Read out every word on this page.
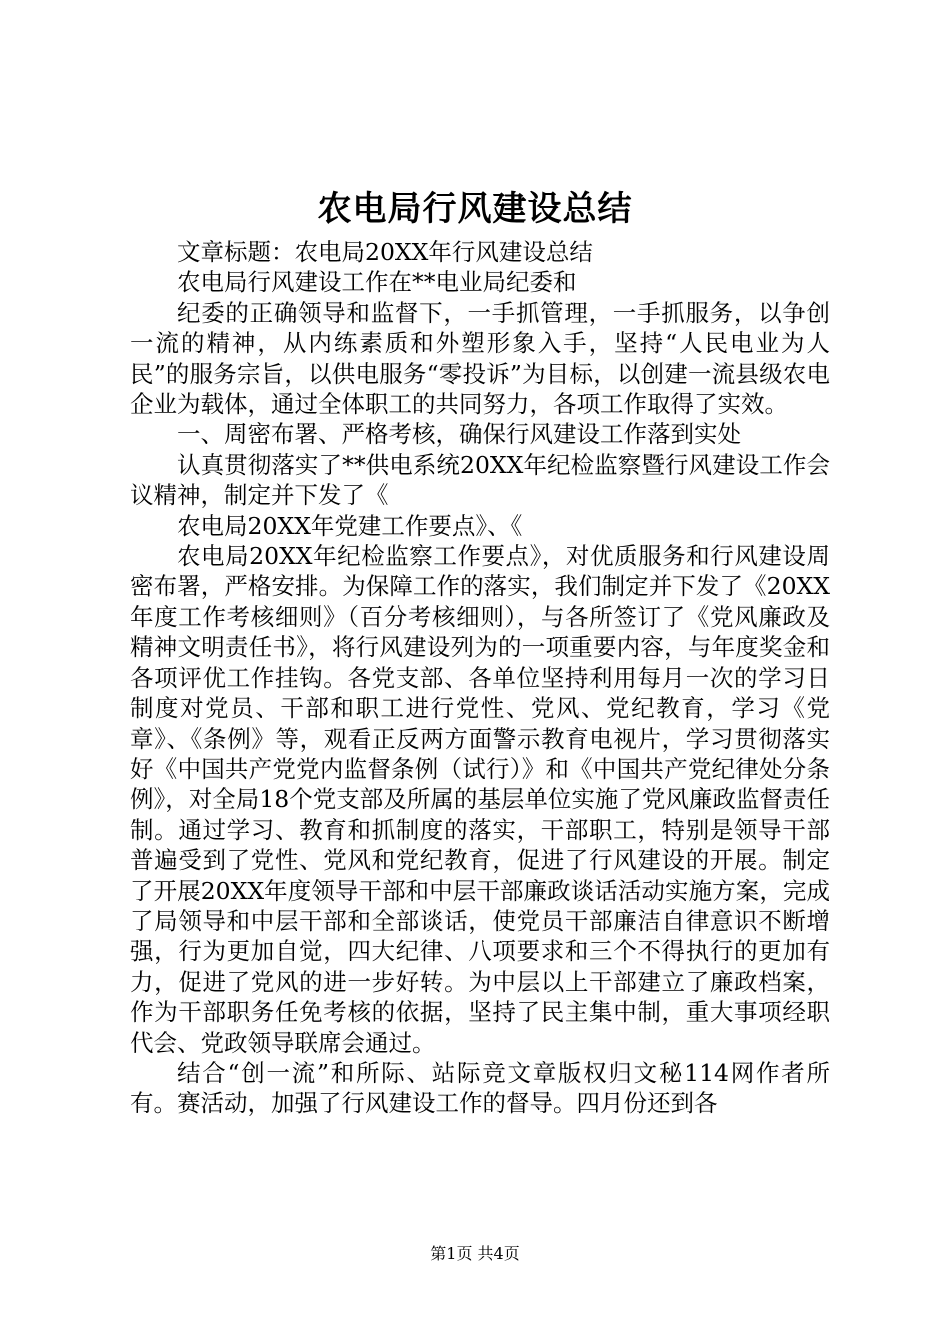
农电局行风建设总结

文章标题：农电局20XX年行风建设总结

农电局行风建设工作在**电业局纪委和

纪委的正确领导和监督下，一手抓管理，一手抓服务，以争创一流的精神，从内练素质和外塑形象入手，坚持“人民电业为人民”的服务宗旨，以供电服务“零投诉”为目标，以创建一流县级农电企业为载体，通过全体职工的共同努力，各项工作取得了实效。

一、周密布署、严格考核，确保行风建设工作落到实处

认真贯彻落实了**供电系统20XX年纪检监察暨行风建设工作会议精神，制定并下发了《

农电局20XX年党建工作要点》、《

农电局20XX年纪检监察工作要点》，对优质服务和行风建设周密布署，严格安排。为保障工作的落实，我们制定并下发了《20XX年度工作考核细则》（百分考核细则），与各所签订了《党风廉政及精神文明责任书》，将行风建设列为的一项重要内容，与年度奖金和各项评优工作挂钩。各党支部、各单位坚持利用每月一次的学习日制度对党员、干部和职工进行党性、党风、党纪教育，学习《党章》、《条例》等，观看正反两方面警示教育电视片，学习贯彻落实好《中国共产党党内监督条例（试行）》和《中国共产党纪律处分条例》，对全局18个党支部及所属的基层单位实施了党风廉政监督责任制。通过学习、教育和抓制度的落实，干部职工，特别是领导干部普遍受到了党性、党风和党纪教育，促进了行风建设的开展。制定了开展20XX年度领导干部和中层干部廉政谈话活动实施方案，完成了局领导和中层干部和全部谈话，使党员干部廉洁自律意识不断增强，行为更加自觉，四大纪律、八项要求和三个不得执行的更加有力，促进了党风的进一步好转。为中层以上干部建立了廉政档案，作为干部职务任免考核的依据，坚持了民主集中制，重大事项经职代会、党政领导联席会通过。

结合“创一流”和所际、站际竞文章版权归文秘114网作者所有。赛活动，加强了行风建设工作的督导。四月份还到各

第1页 共4页
